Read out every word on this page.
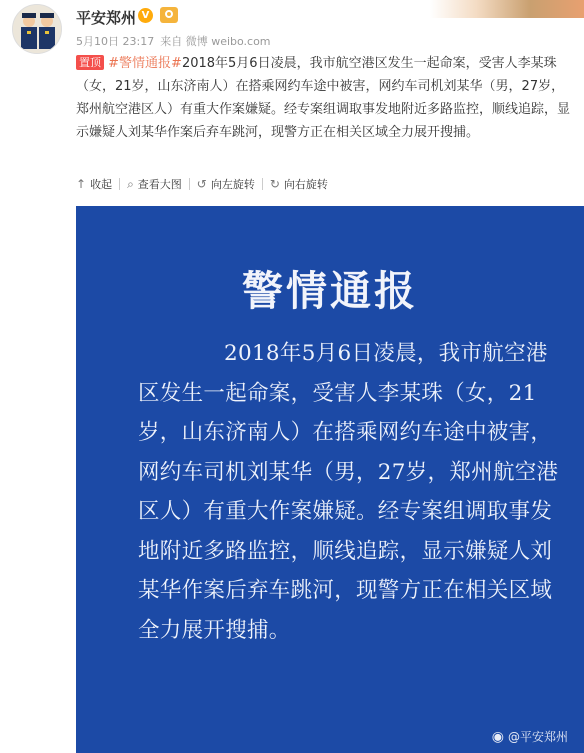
平安郑州 V
5月10日 23:17 来自 微博 weibo.com
置顶 #警情通报#2018年5月6日凌晨，我市航空港区发生一起命案，受害人李某珠（女，21岁，山东济南人）在搭乘网约车途中被害，网约车司机刘某华（男，27岁，郑州航空港区人）有重大作案嫌疑。经专案组调取事发地附近多路监控，顺线追踪，显示嫌疑人刘某华作案后弃车跳河，现警方正在相关区域全力展开搜捕。
↑ 收起 ⌕ 查看大图 ↺ 向左旋转 ↻ 向右旋转
警情通报
2018年5月6日凌晨，我市航空港区发生一起命案，受害人李某珠（女，21岁，山东济南人）在搭乘网约车途中被害，网约车司机刘某华（男，27岁，郑州航空港区人）有重大作案嫌疑。经专案组调取事发地附近多路监控，顺线追踪，显示嫌疑人刘某华作案后弃车跳河，现警方正在相关区域全力展开搜捕。
◉ @平安郑州
